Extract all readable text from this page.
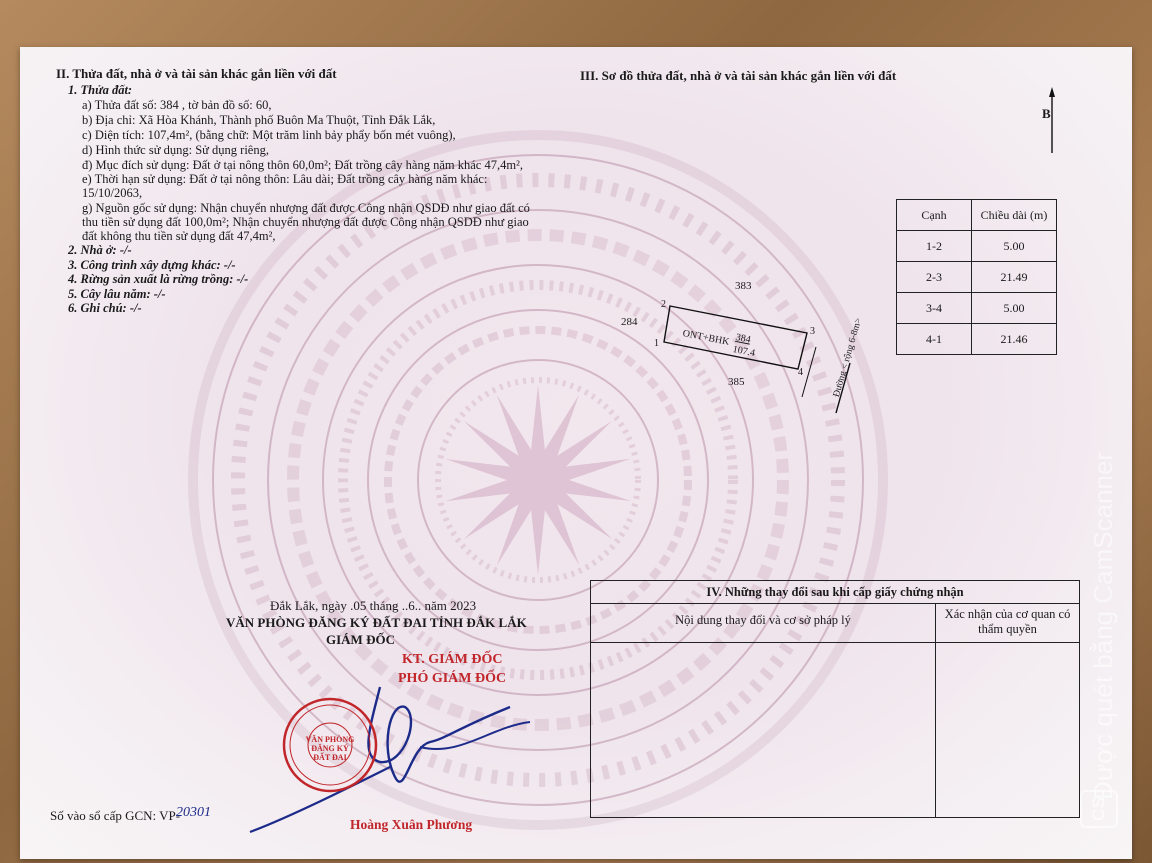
II. Thửa đất, nhà ở và tài sản khác gắn liền với đất
1. Thửa đất:
a) Thửa đất số: 384 , tờ bản đồ số: 60,
b) Địa chỉ: Xã Hòa Khánh, Thành phố Buôn Ma Thuột, Tỉnh Đắk Lắk,
c) Diện tích: 107,4m², (bằng chữ: Một trăm linh bảy phẩy bốn mét vuông),
d) Hình thức sử dụng: Sử dụng riêng,
đ) Mục đích sử dụng: Đất ở tại nông thôn 60,0m²; Đất trồng cây hàng năm khác 47,4m²,
e) Thời hạn sử dụng: Đất ở tại nông thôn: Lâu dài; Đất trồng cây hàng năm khác:
15/10/2063,
g) Nguồn gốc sử dụng: Nhận chuyển nhượng đất được Công nhận QSDĐ như giao đất có
thu tiền sử dụng đất 100,0m²; Nhận chuyển nhượng đất được Công nhận QSDĐ như giao
đất không thu tiền sử dụng đất 47,4m²,
2. Nhà ở: -/-
3. Công trình xây dựng khác: -/-
4. Rừng sản xuất là rừng trồng: -/-
5. Cây lâu năm: -/-
6. Ghi chú: -/-
III. Sơ đồ thửa đất, nhà ở và tài sản khác gắn liền với đất
B
383
284
385
2
3
1
4
ONT+BHK 384
107.4	Đường < rộng 6-8m>
Cạnh	Chiều dài (m)
1-2	5.00
2-3	21.49
3-4	5.00
4-1	21.46
Đắk Lắk, ngày .05 tháng ..6.. năm 2023
VĂN PHÒNG ĐĂNG KÝ ĐẤT ĐAI TỈNH ĐẮK LẮK
GIÁM ĐỐC
KT. GIÁM ĐỐC
PHÓ GIÁM ĐỐC
VĂN PHÒNG
ĐĂNG KÝ
ĐẤT ĐAI
Hoàng Xuân Phương
Số vào sổ cấp GCN: VP-
20301
IV. Những thay đổi sau khi cấp giấy chứng nhận
Nội dung thay đổi và cơ sở pháp lý	Xác nhận của cơ quan có thẩm quyền	Được quét bằng CamScanner
CS
